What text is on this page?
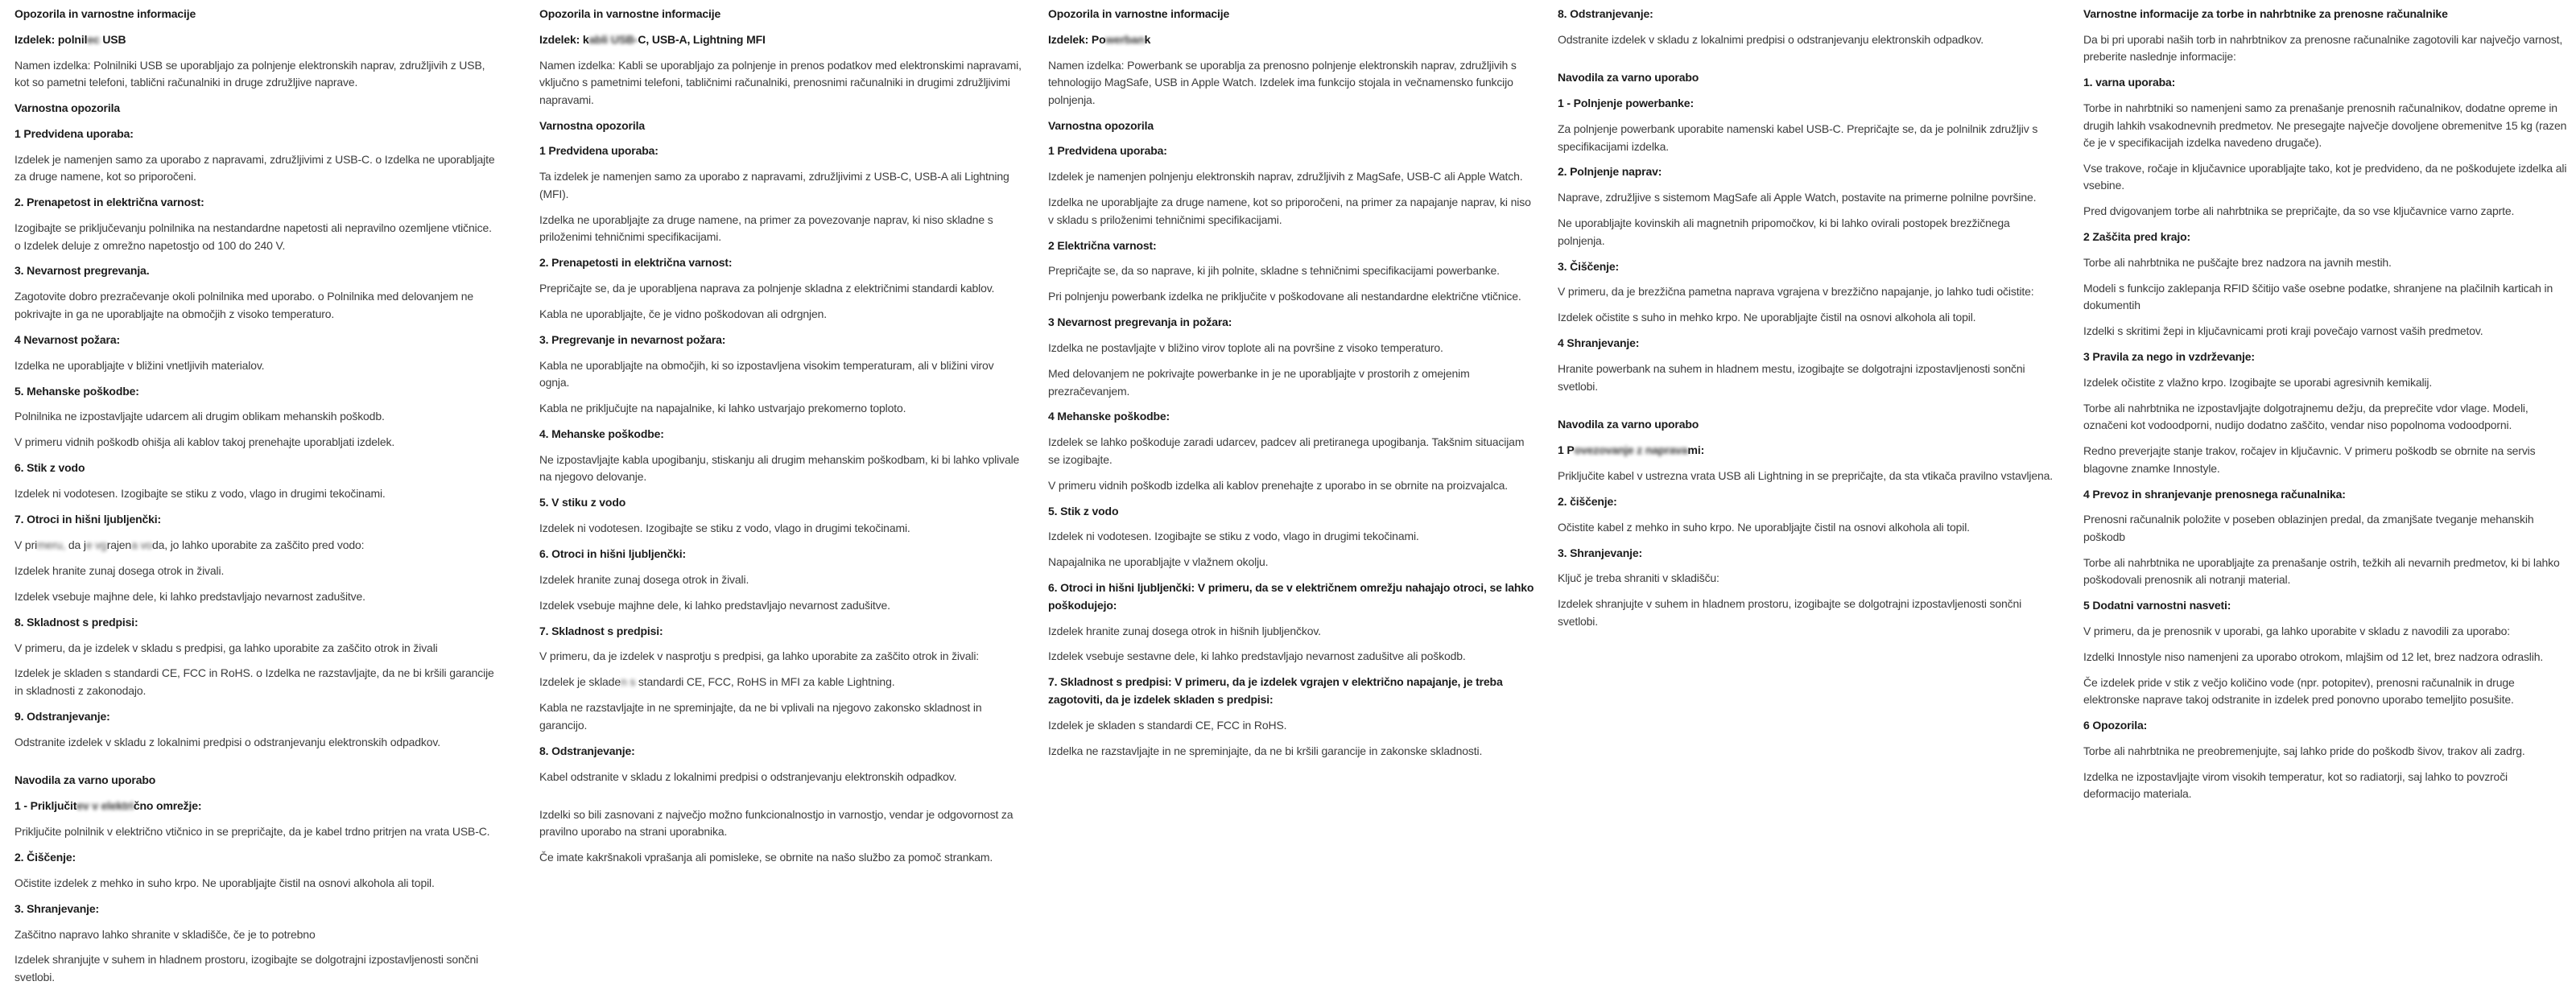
Opozorila in varnostne informacije

Izdelek: polnilec USB

Namen izdelka: Polnilniki USB se uporabljajo za polnjenje elektronskih naprav, združljivih z USB, kot so pametni telefoni, tablični računalniki in druge združljive naprave.

Varnostna opozorila

1 Predvidena uporaba:

Izdelek je namenjen samo za uporabo z napravami, združljivimi z USB-C. o Izdelka ne uporabljajte za druge namene, kot so priporočeni.

2. Prenapetost in električna varnost:

Izogibajte se priključevanju polnilnika na nestandardne napetosti ali nepravilno ozemljene vtičnice. o Izdelek deluje z omrežno napetostjo od 100 do 240 V.

3. Nevarnost pregrevanja.

Zagotovite dobro prezračevanje okoli polnilnika med uporabo. o Polnilnika med delovanjem ne pokrivajte in ga ne uporabljajte na območjih z visoko temperaturo.

4 Nevarnost požara:

Izdelka ne uporabljajte v bližini vnetljivih materialov.

5. Mehanske poškodbe:

Polnilnika ne izpostavljajte udarcem ali drugim oblikam mehanskih poškodb.

V primeru vidnih poškodb ohišja ali kablov takoj prenehajte uporabljati izdelek.

6. Stik z vodo

Izdelek ni vodotesen. Izogibajte se stiku z vodo, vlago in drugimi tekočinami.

7. Otroci in hišni ljubljenčki:

V primeru, da je vgrajena voda, jo lahko uporabite za zaščito pred vodo:

Izdelek hranite zunaj dosega otrok in živali.

Izdelek vsebuje majhne dele, ki lahko predstavljajo nevarnost zadušitve.

8. Skladnost s predpisi:

V primeru, da je izdelek v skladu s predpisi, ga lahko uporabite za zaščito otrok in živali

Izdelek je skladen s standardi CE, FCC in RoHS. o Izdelka ne razstavljajte, da ne bi kršili garancije in skladnosti z zakonodajo.

9. Odstranjevanje:

Odstranite izdelek v skladu z lokalnimi predpisi o odstranjevanju elektronskih odpadkov.

Navodila za varno uporabo

1 - Priključitev v električno omrežje:

Priključite polnilnik v električno vtičnico in se prepričajte, da je kabel trdno pritrjen na vrata USB-C.

2. Čiščenje:

Očistite izdelek z mehko in suho krpo. Ne uporabljajte čistil na osnovi alkohola ali topil.

3. Shranjevanje:

Zaščitno napravo lahko shranite v skladišče, če je to potrebno

Izdelek shranjujte v suhem in hladnem prostoru, izogibajte se dolgotrajni izpostavljenosti sončni svetlobi.

Opozorila in varnostne informacije

Izdelek: kabli USB-C, USB-A, Lightning MFI

Namen izdelka: Kabli se uporabljajo za polnjenje in prenos podatkov med elektronskimi napravami, vključno s pametnimi telefoni, tabličnimi računalniki, prenosnimi računalniki in drugimi združljivimi napravami.

Varnostna opozorila

1 Predvidena uporaba:

Ta izdelek je namenjen samo za uporabo z napravami, združljivimi z USB-C, USB-A ali Lightning (MFI).

Izdelka ne uporabljajte za druge namene, na primer za povezovanje naprav, ki niso skladne s priloženimi tehničnimi specifikacijami.

2. Prenapetosti in električna varnost:

Prepričajte se, da je uporabljena naprava za polnjenje skladna z električnimi standardi kablov.

Kabla ne uporabljajte, če je vidno poškodovan ali odrgnjen.

3. Pregrevanje in nevarnost požara:

Kabla ne uporabljajte na območjih, ki so izpostavljena visokim temperaturam, ali v bližini virov ognja.

Kabla ne priključujte na napajalnike, ki lahko ustvarjajo prekomerno toploto.

4. Mehanske poškodbe:

Ne izpostavljajte kabla upogibanju, stiskanju ali drugim mehanskim poškodbam, ki bi lahko vplivale na njegovo delovanje.

5. V stiku z vodo

Izdelek ni vodotesen. Izogibajte se stiku z vodo, vlago in drugimi tekočinami.

6. Otroci in hišni ljubljenčki:

Izdelek hranite zunaj dosega otrok in živali.

Izdelek vsebuje majhne dele, ki lahko predstavljajo nevarnost zadušitve.

7. Skladnost s predpisi:

V primeru, da je izdelek v nasprotju s predpisi, ga lahko uporabite za zaščito otrok in živali:

Izdelek je skladen s standardi CE, FCC, RoHS in MFI za kable Lightning.

Kabla ne razstavljajte in ne spreminjajte, da ne bi vplivali na njegovo zakonsko skladnost in garancijo.

8. Odstranjevanje:

Kabel odstranite v skladu z lokalnimi predpisi o odstranjevanju elektronskih odpadkov.

Izdelki so bili zasnovani z največjo možno funkcionalnostjo in varnostjo, vendar je odgovornost za pravilno uporabo na strani uporabnika.

Če imate kakršnakoli vprašanja ali pomisleke, se obrnite na našo službo za pomoč strankam.

Opozorila in varnostne informacije

Izdelek: Powerbank

Namen izdelka: Powerbank se uporablja za prenosno polnjenje elektronskih naprav, združljivih s tehnologijo MagSafe, USB in Apple Watch. Izdelek ima funkcijo stojala in večnamensko funkcijo polnjenja.

Varnostna opozorila

1 Predvidena uporaba:

Izdelek je namenjen polnjenju elektronskih naprav, združljivih z MagSafe, USB-C ali Apple Watch.

Izdelka ne uporabljajte za druge namene, kot so priporočeni, na primer za napajanje naprav, ki niso v skladu s priloženimi tehničnimi specifikacijami.

2 Električna varnost:

Prepričajte se, da so naprave, ki jih polnite, skladne s tehničnimi specifikacijami powerbanke.

Pri polnjenju powerbank izdelka ne priključite v poškodovane ali nestandardne električne vtičnice.

3 Nevarnost pregrevanja in požara:

Izdelka ne postavljajte v bližino virov toplote ali na površine z visoko temperaturo.

Med delovanjem ne pokrivajte powerbanke in je ne uporabljajte v prostorih z omejenim prezračevanjem.

4 Mehanske poškodbe:

Izdelek se lahko poškoduje zaradi udarcev, padcev ali pretiranega upogibanja. Takšnim situacijam se izogibajte.

V primeru vidnih poškodb izdelka ali kablov prenehajte z uporabo in se obrnite na proizvajalca.

5. Stik z vodo

Izdelek ni vodotesen. Izogibajte se stiku z vodo, vlago in drugimi tekočinami.

Napajalnika ne uporabljajte v vlažnem okolju.

6. Otroci in hišni ljubljenčki: V primeru, da se v električnem omrežju nahajajo otroci, se lahko poškodujejo:

Izdelek hranite zunaj dosega otrok in hišnih ljubljenčkov.

Izdelek vsebuje sestavne dele, ki lahko predstavljajo nevarnost zadušitve ali poškodb.

7. Skladnost s predpisi: V primeru, da je izdelek vgrajen v električno napajanje, je treba zagotoviti, da je izdelek skladen s predpisi:

Izdelek je skladen s standardi CE, FCC in RoHS.

Izdelka ne razstavljajte in ne spreminjajte, da ne bi kršili garancije in zakonske skladnosti.

8. Odstranjevanje:

Odstranite izdelek v skladu z lokalnimi predpisi o odstranjevanju elektronskih odpadkov.

Navodila za varno uporabo

1 - Polnjenje powerbanke:

Za polnjenje powerbank uporabite namenski kabel USB-C. Prepričajte se, da je polnilnik združljiv s specifikacijami izdelka.

2. Polnjenje naprav:

Naprave, združljive s sistemom MagSafe ali Apple Watch, postavite na primerne polnilne površine.

Ne uporabljajte kovinskih ali magnetnih pripomočkov, ki bi lahko ovirali postopek brezžičnega polnjenja.

3. Čiščenje:

V primeru, da je brezžična pametna naprava vgrajena v brezžično napajanje, jo lahko tudi očistite:

Izdelek očistite s suho in mehko krpo. Ne uporabljajte čistil na osnovi alkohola ali topil.

4 Shranjevanje:

Hranite powerbank na suhem in hladnem mestu, izogibajte se dolgotrajni izpostavljenosti sončni svetlobi.

Navodila za varno uporabo

1 Povezovanje z napravami:

Priključite kabel v ustrezna vrata USB ali Lightning in se prepričajte, da sta vtikača pravilno vstavljena.

2. čiščenje:

Očistite kabel z mehko in suho krpo. Ne uporabljajte čistil na osnovi alkohola ali topil.

3. Shranjevanje:

Ključ je treba shraniti v skladišču:

Izdelek shranjujte v suhem in hladnem prostoru, izogibajte se dolgotrajni izpostavljenosti sončni svetlobi.

Varnostne informacije za torbe in nahrbtnike za prenosne računalnike

Da bi pri uporabi naših torb in nahrbtnikov za prenosne računalnike zagotovili kar največjo varnost, preberite naslednje informacije:

1. varna uporaba:

Torbe in nahrbtniki so namenjeni samo za prenašanje prenosnih računalnikov, dodatne opreme in drugih lahkih vsakodnevnih predmetov. Ne presegajte največje dovoljene obremenitve 15 kg (razen če je v specifikacijah izdelka navedeno drugače).

Vse trakove, ročaje in ključavnice uporabljajte tako, kot je predvideno, da ne poškodujete izdelka ali vsebine.

Pred dvigovanjem torbe ali nahrbtnika se prepričajte, da so vse ključavnice varno zaprte.

2 Zaščita pred krajo:

Torbe ali nahrbtnika ne puščajte brez nadzora na javnih mestih.

Modeli s funkcijo zaklepanja RFID ščitijo vaše osebne podatke, shranjene na plačilnih karticah in dokumentih

Izdelki s skritimi žepi in ključavnicami proti kraji povečajo varnost vaših predmetov.

3 Pravila za nego in vzdrževanje:

Izdelek očistite z vlažno krpo. Izogibajte se uporabi agresivnih kemikalij.

Torbe ali nahrbtnika ne izpostavljajte dolgotrajnemu dežju, da preprečite vdor vlage. Modeli, označeni kot vodoodporni, nudijo dodatno zaščito, vendar niso popolnoma vodoodporni.

Redno preverjajte stanje trakov, ročajev in ključavnic. V primeru poškodb se obrnite na servis blagovne znamke Innostyle.

4 Prevoz in shranjevanje prenosnega računalnika:

Prenosni računalnik položite v poseben oblazinjen predal, da zmanjšate tveganje mehanskih poškodb

Torbe ali nahrbtnika ne uporabljajte za prenašanje ostrih, težkih ali nevarnih predmetov, ki bi lahko poškodovali prenosnik ali notranji material.

5 Dodatni varnostni nasveti:

V primeru, da je prenosnik v uporabi, ga lahko uporabite v skladu z navodili za uporabo:

Izdelki Innostyle niso namenjeni za uporabo otrokom, mlajšim od 12 let, brez nadzora odraslih.

Če izdelek pride v stik z večjo količino vode (npr. potopitev), prenosni računalnik in druge elektronske naprave takoj odstranite in izdelek pred ponovno uporabo temeljito posušite.

6 Opozorila:

Torbe ali nahrbtnika ne preobremenjujte, saj lahko pride do poškodb šivov, trakov ali zadrg.

Izdelka ne izpostavljajte virom visokih temperatur, kot so radiatorji, saj lahko to povzroči deformacijo materiala.
